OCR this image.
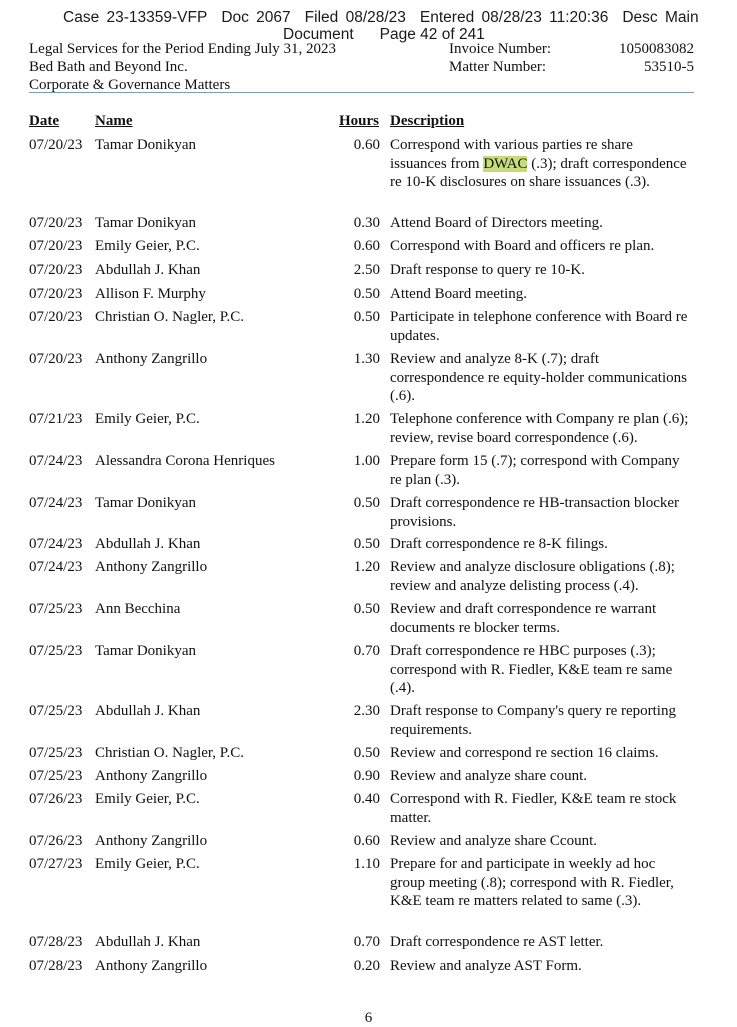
Case 23-13359-VFP Doc 2067 Filed 08/28/23 Entered 08/28/23 11:20:36 Desc Main
Document Page 42 of 241
Legal Services for the Period Ending July 31, 2023	Invoice Number:	1050083082
Bed Bath and Beyond Inc.	Matter Number:	53510-5
Corporate & Governance Matters
Date Name	Hours Description
07/20/23 Tamar Donikyan	0.60 Correspond with various parties re share issuances from DWAC (.3); draft correspondence re 10-K disclosures on share issuances (.3).
07/20/23 Tamar Donikyan	0.30 Attend Board of Directors meeting.
07/20/23 Emily Geier, P.C.	0.60 Correspond with Board and officers re plan.
07/20/23 Abdullah J. Khan	2.50 Draft response to query re 10-K.
07/20/23 Allison F. Murphy	0.50 Attend Board meeting.
07/20/23 Christian O. Nagler, P.C.	0.50 Participate in telephone conference with Board re updates.
07/20/23 Anthony Zangrillo	1.30 Review and analyze 8-K (.7); draft correspondence re equity-holder communications (.6).
07/21/23 Emily Geier, P.C.	1.20 Telephone conference with Company re plan (.6); review, revise board correspondence (.6).
07/24/23 Alessandra Corona Henriques	1.00 Prepare form 15 (.7); correspond with Company re plan (.3).
07/24/23 Tamar Donikyan	0.50 Draft correspondence re HB-transaction blocker provisions.
07/24/23 Abdullah J. Khan	0.50 Draft correspondence re 8-K filings.
07/24/23 Anthony Zangrillo	1.20 Review and analyze disclosure obligations (.8); review and analyze delisting process (.4).
07/25/23 Ann Becchina	0.50 Review and draft correspondence re warrant documents re blocker terms.
07/25/23 Tamar Donikyan	0.70 Draft correspondence re HBC purposes (.3); correspond with R. Fiedler, K&E team re same (.4).
07/25/23 Abdullah J. Khan	2.30 Draft response to Company's query re reporting requirements.
07/25/23 Christian O. Nagler, P.C.	0.50 Review and correspond re section 16 claims.
07/25/23 Anthony Zangrillo	0.90 Review and analyze share count.
07/26/23 Emily Geier, P.C.	0.40 Correspond with R. Fiedler, K&E team re stock matter.
07/26/23 Anthony Zangrillo	0.60 Review and analyze share Ccount.
07/27/23 Emily Geier, P.C.	1.10 Prepare for and participate in weekly ad hoc group meeting (.8); correspond with R. Fiedler, K&E team re matters related to same (.3).
07/28/23 Abdullah J. Khan	0.70 Draft correspondence re AST letter.
07/28/23 Anthony Zangrillo	0.20 Review and analyze AST Form.
6
